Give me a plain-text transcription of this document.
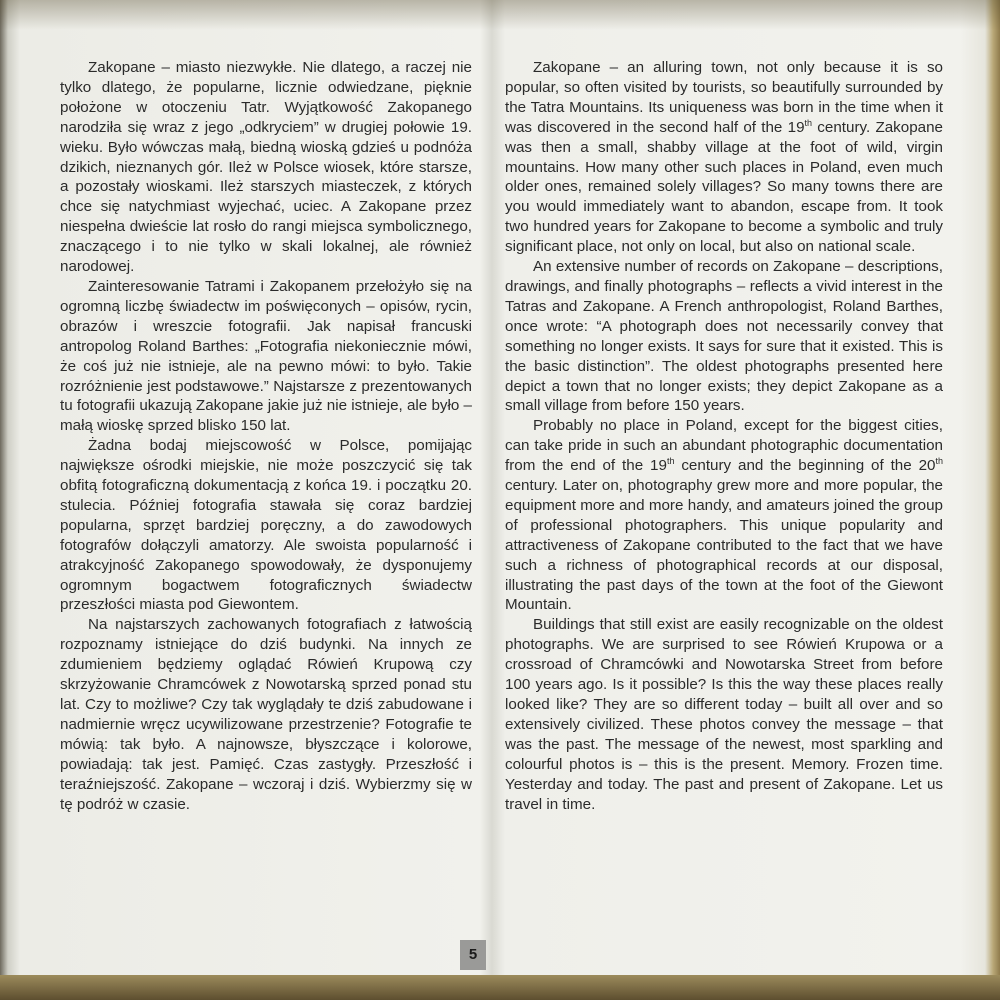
Zakopane – miasto niezwykłe. Nie dlatego, a raczej nie tylko dlatego, że popularne, licznie odwiedzane, pięknie położone w otoczeniu Tatr. Wyjątkowość Zakopanego narodziła się wraz z jego „odkryciem” w drugiej połowie 19. wieku. Było wówczas małą, biedną wioską gdzieś u podnóża dzikich, nieznanych gór. Ileż w Polsce wiosek, które starsze, a pozostały wioskami. Ileż starszych miasteczek, z których chce się natychmiast wyjechać, uciec. A Zakopane przez niespełna dwieście lat rosło do rangi miejsca symbolicznego, znaczącego i to nie tylko w skali lokalnej, ale również narodowej.

Zainteresowanie Tatrami i Zakopanem przełożyło się na ogromną liczbę świadectw im poświęconych – opisów, rycin, obrazów i wreszcie fotografii. Jak napisał francuski antropolog Roland Barthes: „Fotografia niekonieczn​ie mówi, że coś już nie istnieje, ale na pewno mówi: to było. Takie rozróżnienie jest podstawowe.” Najstarsze z prezentowanych tu fotografii ukazują Zakopane jakie już nie istnieje, ale było – małą wioskę sprzed blisko 150 lat.

Żadna bodaj miejscowość w Polsce, pomijając największe ośrodki miejskie, nie może poszczycić się tak obfitą fotograficzną dokumentacją z końca 19. i początku 20. stulecia. Później fotografia stawała się coraz bardziej popularna, sprzęt bardziej poręczny, a do zawodowych fotografów dołączyli amatorzy. Ale swoista popularność i atrakcyjność Zakopanego spowodowały, że dysponujemy ogromnym bogactwem fotograficznych świadectw przeszłości miasta pod Giewontem.

Na najstarszych zachowanych fotografiach z łatwością rozpoznamy istniejące do dziś budynki. Na innych ze zdumieniem będziemy oglądać Rówień Krupową czy skrzyżowanie Chramcówek z Nowotarską sprzed ponad stu lat. Czy to możliwe? Czy tak wyglądały te dziś zabudowane i nadmiernie wręcz ucywilizowane przestrzenie? Fotografie te mówią: tak było. A najnowsze, błyszczące i kolorowe, powiadają: tak jest. Pamięć. Czas zastygły. Przeszłość i teraźniejszość. Zakopane – wczoraj i dziś. Wybierzmy się w tę podróż w czasie.

Zakopane – an alluring town, not only because it is so popular, so often visited by tourists, so beautifully surrounded by the Tatra Mountains. Its uniqueness was born in the time when it was discovered in the second half of the 19th century. Zakopane was then a small, shabby village at the foot of wild, virgin mountains. How many other such places in Poland, even much older ones, remained solely villages? So many towns there are you would immediately want to abandon, escape from. It took two hundred years for Zakopane to become a symbolic and truly significant place, not only on local, but also on national scale.

An extensive number of records on Zakopane – descriptions, drawings, and finally photographs – reflects a vivid interest in the Tatras and Zakopane. A French anthropologist, Roland Barthes, once wrote: “A photograph does not necessarily convey that something no longer exists. It says for sure that it existed. This is the basic distinction”. The oldest photographs presented here depict a town that no longer exists; they depict Zakopane as a small village from before 150 years.

Probably no place in Poland, except for the biggest cities, can take pride in such an abundant photographic documentation from the end of the 19th century and the beginning of the 20th century. Later on, photography grew more and more popular, the equipment more and more handy, and amateurs joined the group of professional photographers. This unique popularity and attractiveness of Zakopane contributed to the fact that we have such a richness of photographical records at our disposal, illustrating the past days of the town at the foot of the Giewont Mountain.

Buildings that still exist are easily recognizable on the oldest photographs. We are surprised to see Rówień Krupowa or a crossroad of Chramcówki and Nowotarska Street from before 100 years ago. Is it possible? Is this the way these places really looked like? They are so different today – built all over and so extensively civilized. These photos convey the message – that was the past. The message of the newest, most sparkling and colourful photos is – this is the present. Memory. Frozen time. Yesterday and today. The past and present of Zakopane. Let us travel in time.

5
